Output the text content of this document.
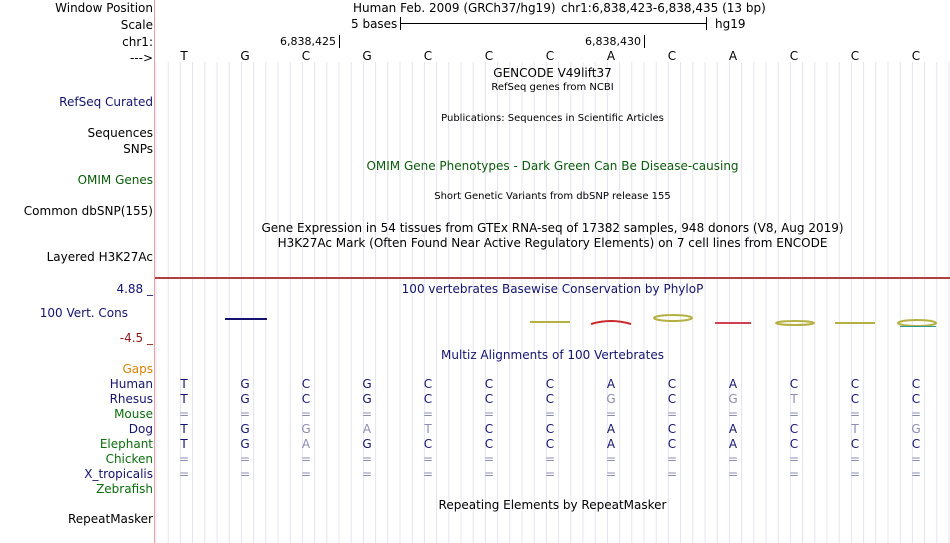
Window Position	Human Feb. 2009 (GRCh37/hg19) chr1:6,838,423-6,838,435 (13 bp)
Scale	5 bases	hg19
chr1:	6,838,425	6,838,430
--->	T	G	C	G	C	C	C	A	C	A	C	C	C
GENCODE V49lift37
RefSeq genes from NCBI
RefSeq Curated
Publications: Sequences in Scientific Articles
Sequences
SNPs
OMIM Gene Phenotypes - Dark Green Can Be Disease-causing
OMIM Genes
Short Genetic Variants from dbSNP release 155
Common dbSNP(155)
Gene Expression in 54 tissues from GTEx RNA-seq of 17382 samples, 948 donors (V8, Aug 2019)
H3K27Ac Mark (Often Found Near Active Regulatory Elements) on 7 cell lines from ENCODE
Layered H3K27Ac
4.88 _	100 vertebrates Basewise Conservation by PhyloP
100 Vert. Cons
-4.5 _
Multiz Alignments of 100 Vertebrates
Gaps
Human	T	G	C	G	C	C	C	A	C	A	C	C	C
Rhesus	T	G	C	G	C	C	C	G	C	G	T	C	C
Mouse	=	=	=	=	=	=	=	=	=	=	=	=	=
Dog	T	G	G	A	T	C	C	A	C	A	C	T	G
Elephant	T	G	A	G	C	C	C	A	C	A	C	C	C
Chicken	=	=	=	=	=	=	=	=	=	=	=	=	=
X_tropicalis	=	=	=	=	=	=	=	=	=	=	=	=	=
Zebrafish
Repeating Elements by RepeatMasker
RepeatMasker
